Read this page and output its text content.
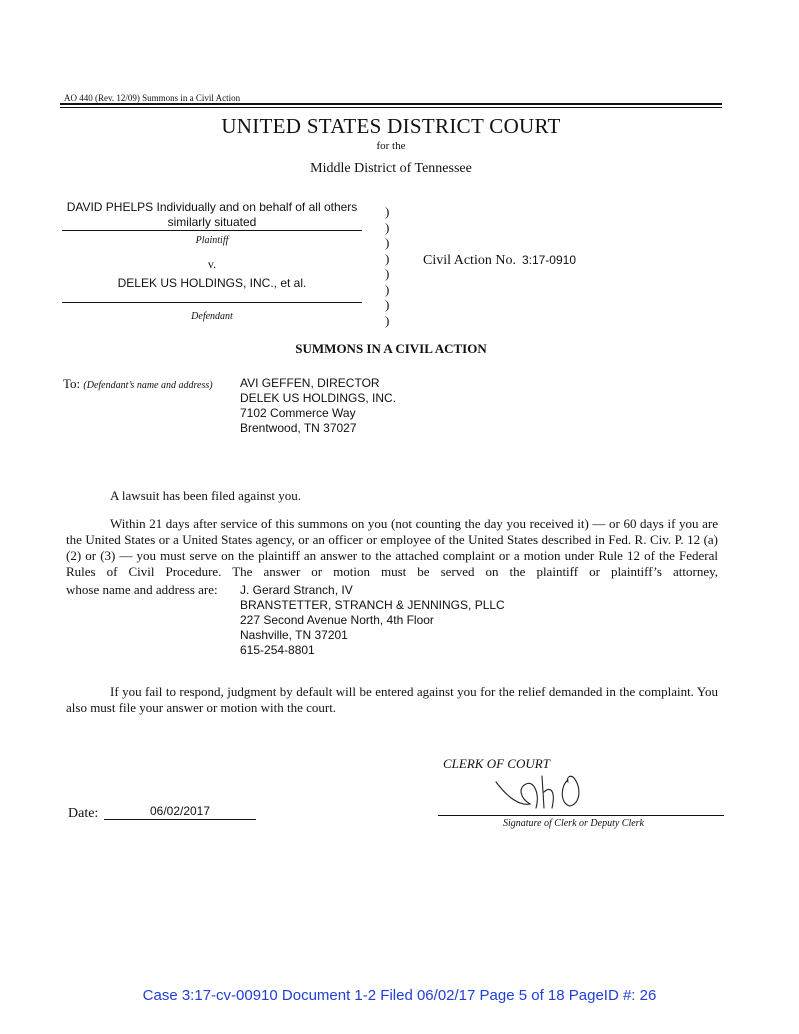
AO 440 (Rev. 12/09) Summons in a Civil Action
UNITED STATES DISTRICT COURT
for the
Middle District of Tennessee
DAVID PHELPS Individually and on behalf of all others similarly situated
Plaintiff
v.
DELEK US HOLDINGS, INC., et al.
Defendant
)
)
)
)
)
)
)
)
Civil Action No. 3:17-0910
SUMMONS IN A CIVIL ACTION
To: (Defendant’s name and address) AVI GEFFEN, DIRECTOR
DELEK US HOLDINGS, INC.
7102 Commerce Way
Brentwood, TN 37027
A lawsuit has been filed against you.
Within 21 days after service of this summons on you (not counting the day you received it) — or 60 days if you are the United States or a United States agency, or an officer or employee of the United States described in Fed. R. Civ. P. 12 (a)(2) or (3) — you must serve on the plaintiff an answer to the attached complaint or a motion under Rule 12 of the Federal Rules of Civil Procedure. The answer or motion must be served on the plaintiff or plaintiff’s attorney,
whose name and address are: J. Gerard Stranch, IV
BRANSTETTER, STRANCH & JENNINGS, PLLC
227 Second Avenue North, 4th Floor
Nashville, TN 37201
615-254-8801
If you fail to respond, judgment by default will be entered against you for the relief demanded in the complaint. You also must file your answer or motion with the court.
CLERK OF COURT
Signature of Clerk or Deputy Clerk
Date:	06/02/2017
Case 3:17-cv-00910 Document 1-2 Filed 06/02/17 Page 5 of 18 PageID #: 26
